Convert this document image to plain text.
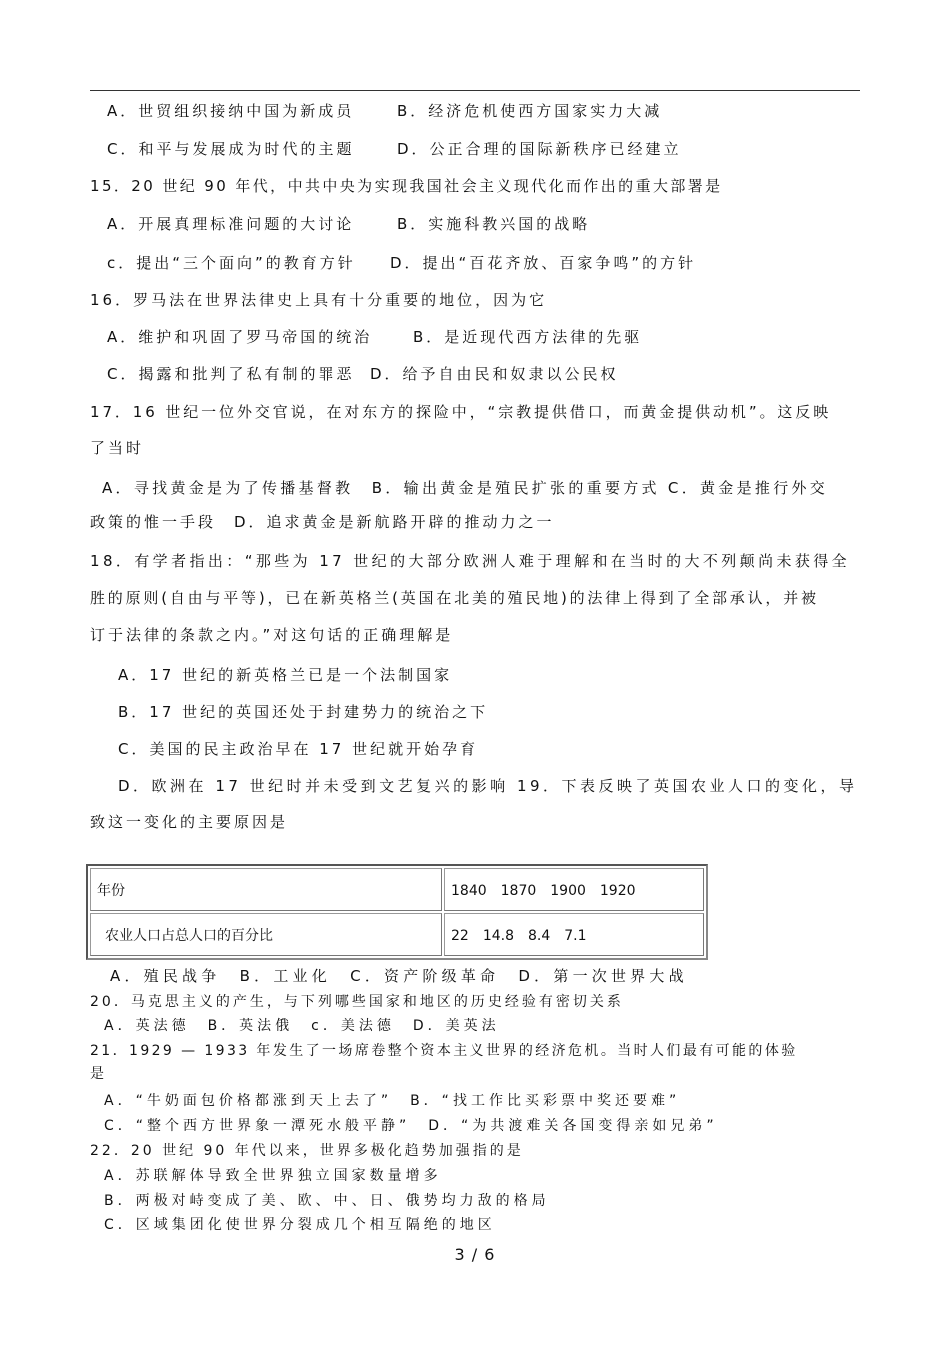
A．世贸组织接纳中国为新成员	B．经济危机使西方国家实力大减
C．和平与发展成为时代的主题	D．公正合理的国际新秩序已经建立
15．20 世纪 90 年代，中共中央为实现我国社会主义现代化而作出的重大部署是
A．开展真理标准问题的大讨论	B．实施科教兴国的战略
c．提出“三个面向”的教育方针 D．提出“百花齐放、百家争鸣”的方针
16．罗马法在世界法律史上具有十分重要的地位，因为它
A．维护和巩固了罗马帝国的统治	B．是近现代西方法律的先驱
C．揭露和批判了私有制的罪恶 D．给予自由民和奴隶以公民权
17．16 世纪一位外交官说，在对东方的探险中，“宗教提供借口，而黄金提供动机”。这反映
了当时
A．寻找黄金是为了传播基督教　B．输出黄金是殖民扩张的重要方式 C．黄金是推行外交
政策的惟一手段　D．追求黄金是新航路开辟的推动力之一
18．有学者指出：“那些为 17 世纪的大部分欧洲人难于理解和在当时的大不列颠尚未获得全
胜的原则(自由与平等)，已在新英格兰(英国在北美的殖民地)的法律上得到了全部承认，并被
订于法律的条款之内。”对这句话的正确理解是
A．17 世纪的新英格兰已是一个法制国家
B．17 世纪的英国还处于封建势力的统治之下
C．美国的民主政治早在 17 世纪就开始孕育
D．欧洲在 17 世纪时并未受到文艺复兴的影响 19．下表反映了英国农业人口的变化，导
致这一变化的主要原因是
年份	1840　1870　1900　1920
农业人口占总人口的百分比	22　14.8　8.4　7.1
A．殖民战争　B．工业化　C．资产阶级革命　D．第一次世界大战
20．马克思主义的产生，与下列哪些国家和地区的历史经验有密切关系
A．英法德　B．英法俄　c．美法德　D．美英法
21．1929 — 1933 年发生了一场席卷整个资本主义世界的经济危机。当时人们最有可能的体验
是
A．“牛奶面包价格都涨到天上去了”　B．“找工作比买彩票中奖还要难”
C．“整个西方世界象一潭死水般平静”　D．“为共渡难关各国变得亲如兄弟”
22．20 世纪 90 年代以来，世界多极化趋势加强指的是
A．苏联解体导致全世界独立国家数量增多
B．两极对峙变成了美、欧、中、日、俄势均力敌的格局
C．区域集团化使世界分裂成几个相互隔绝的地区
3 / 6
